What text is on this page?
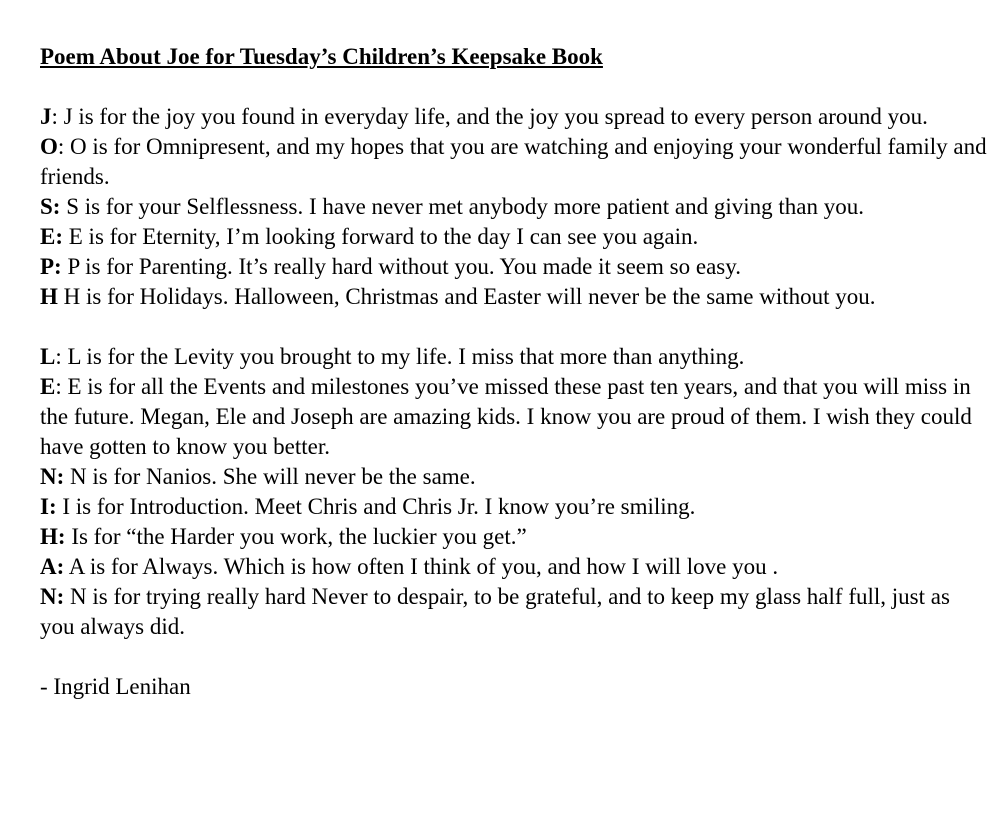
Poem About Joe for Tuesday’s Children’s Keepsake Book

J: J is for the joy you found in everyday life, and the joy you spread to every person around you.

O: O is for Omnipresent, and my hopes that you are watching and enjoying your wonderful family and friends.

S: S is for your Selflessness. I have never met anybody more patient and giving than you.

E: E is for Eternity, I’m looking forward to the day I can see you again.

P: P is for Parenting. It’s really hard without you. You made it seem so easy.

H H is for Holidays. Halloween, Christmas and Easter will never be the same without you.

L: L is for the Levity you brought to my life. I miss that more than anything.

E: E is for all the Events and milestones you’ve missed these past ten years, and that you will miss in the future. Megan, Ele and Joseph are amazing kids. I know you are proud of them. I wish they could have gotten to know you better.

N: N is for Nanios. She will never be the same.

I: I is for Introduction. Meet Chris and Chris Jr. I know you’re smiling.

H: Is for “the Harder you work, the luckier you get.”

A: A is for Always. Which is how often I think of you, and how I will love you .

N: N is for trying really hard Never to despair, to be grateful, and to keep my glass half full, just as you always did.

- Ingrid Lenihan
